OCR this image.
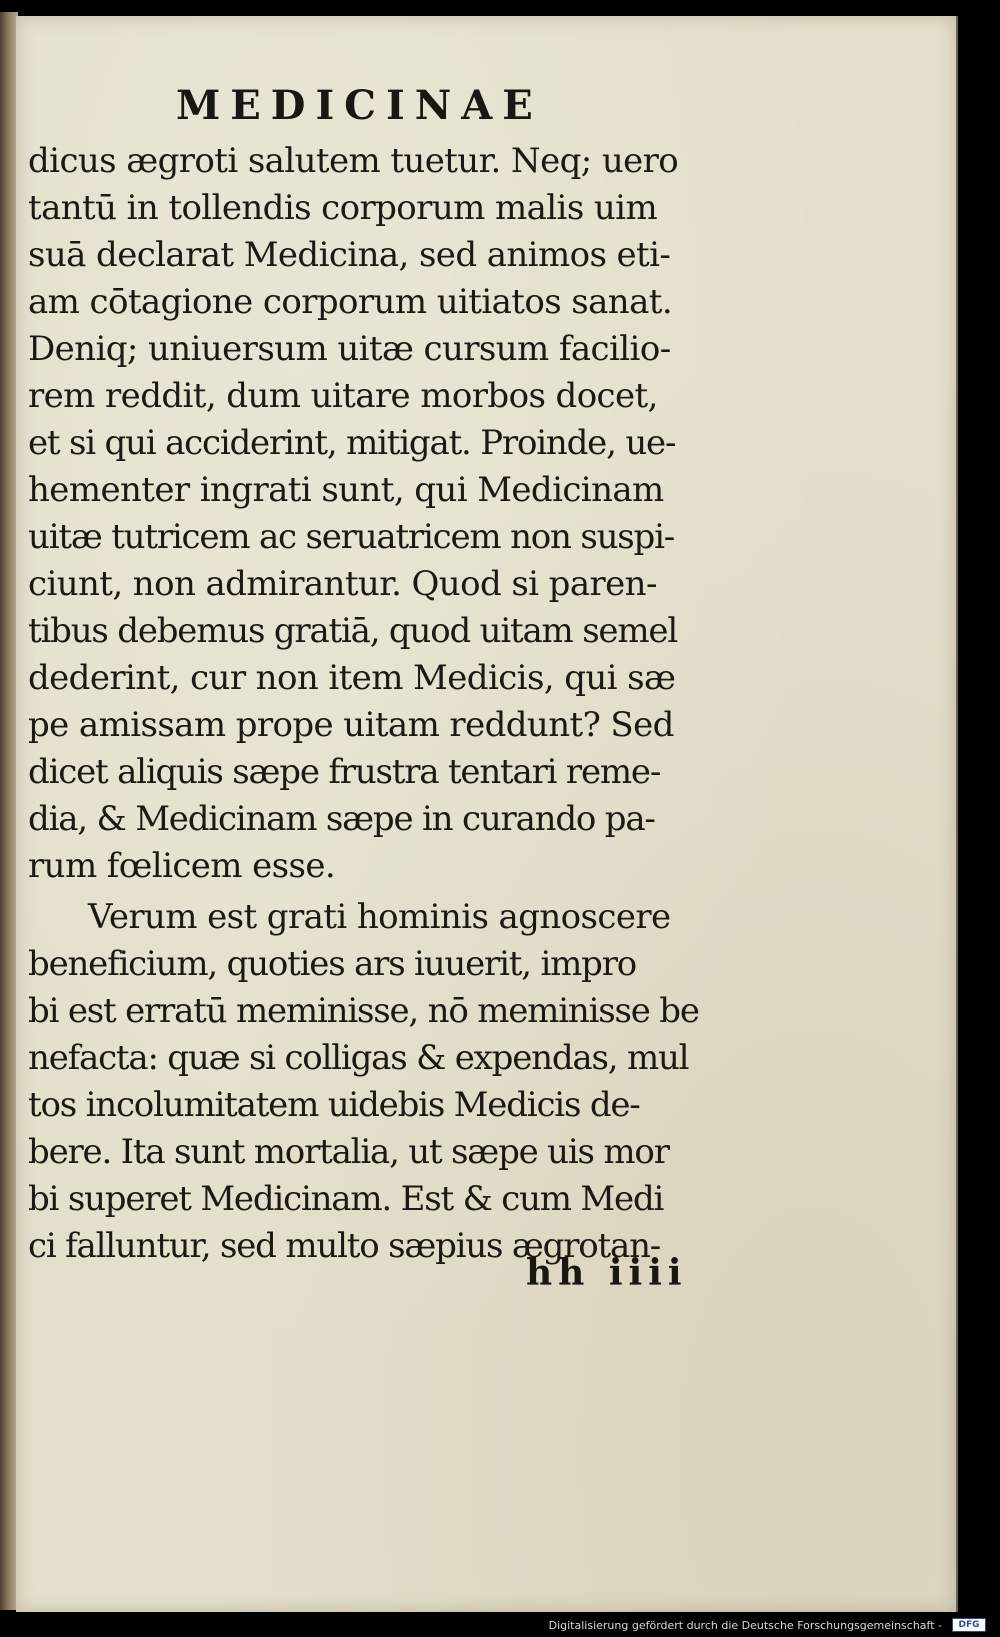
MEDICINAE
dicus ægroti salutem tuetur. Neq; uero
tantū in tollendis corporum malis uim
suā declarat Medicina, sed animos eti-
am cōtagione corporum uitiatos sanat.
Deniq; uniuersum uitæ cursum facilio-
rem reddit, dum uitare morbos docet,
et si qui acciderint, mitigat. Proinde, ue-
hementer ingrati sunt, qui Medicinam
uitæ tutricem ac seruatricem non suspi-
ciunt, non admirantur. Quod si paren-
tibus debemus gratiā, quod uitam semel
dederint, cur non item Medicis, qui sæ
pe amissam prope uitam reddunt? Sed
dicet aliquis sæpe frustra tentari reme-
dia, & Medicinam sæpe in curando pa-
rum fœlicem esse.
Verum est grati hominis agnoscere
beneficium, quoties ars iuuerit, impro
bi est erratū meminisse, nō meminisse be
nefacta: quæ si colligas & expendas, mul
tos incolumitatem uidebis Medicis de-
bere. Ita sunt mortalia, ut sæpe uis mor
bi superet Medicinam. Est & cum Medi
ci falluntur, sed multo sæpius ægrotan-
hh iiii
Digitalisierung gefördert durch die Deutsche Forschungsgemeinschaft -	DFG
